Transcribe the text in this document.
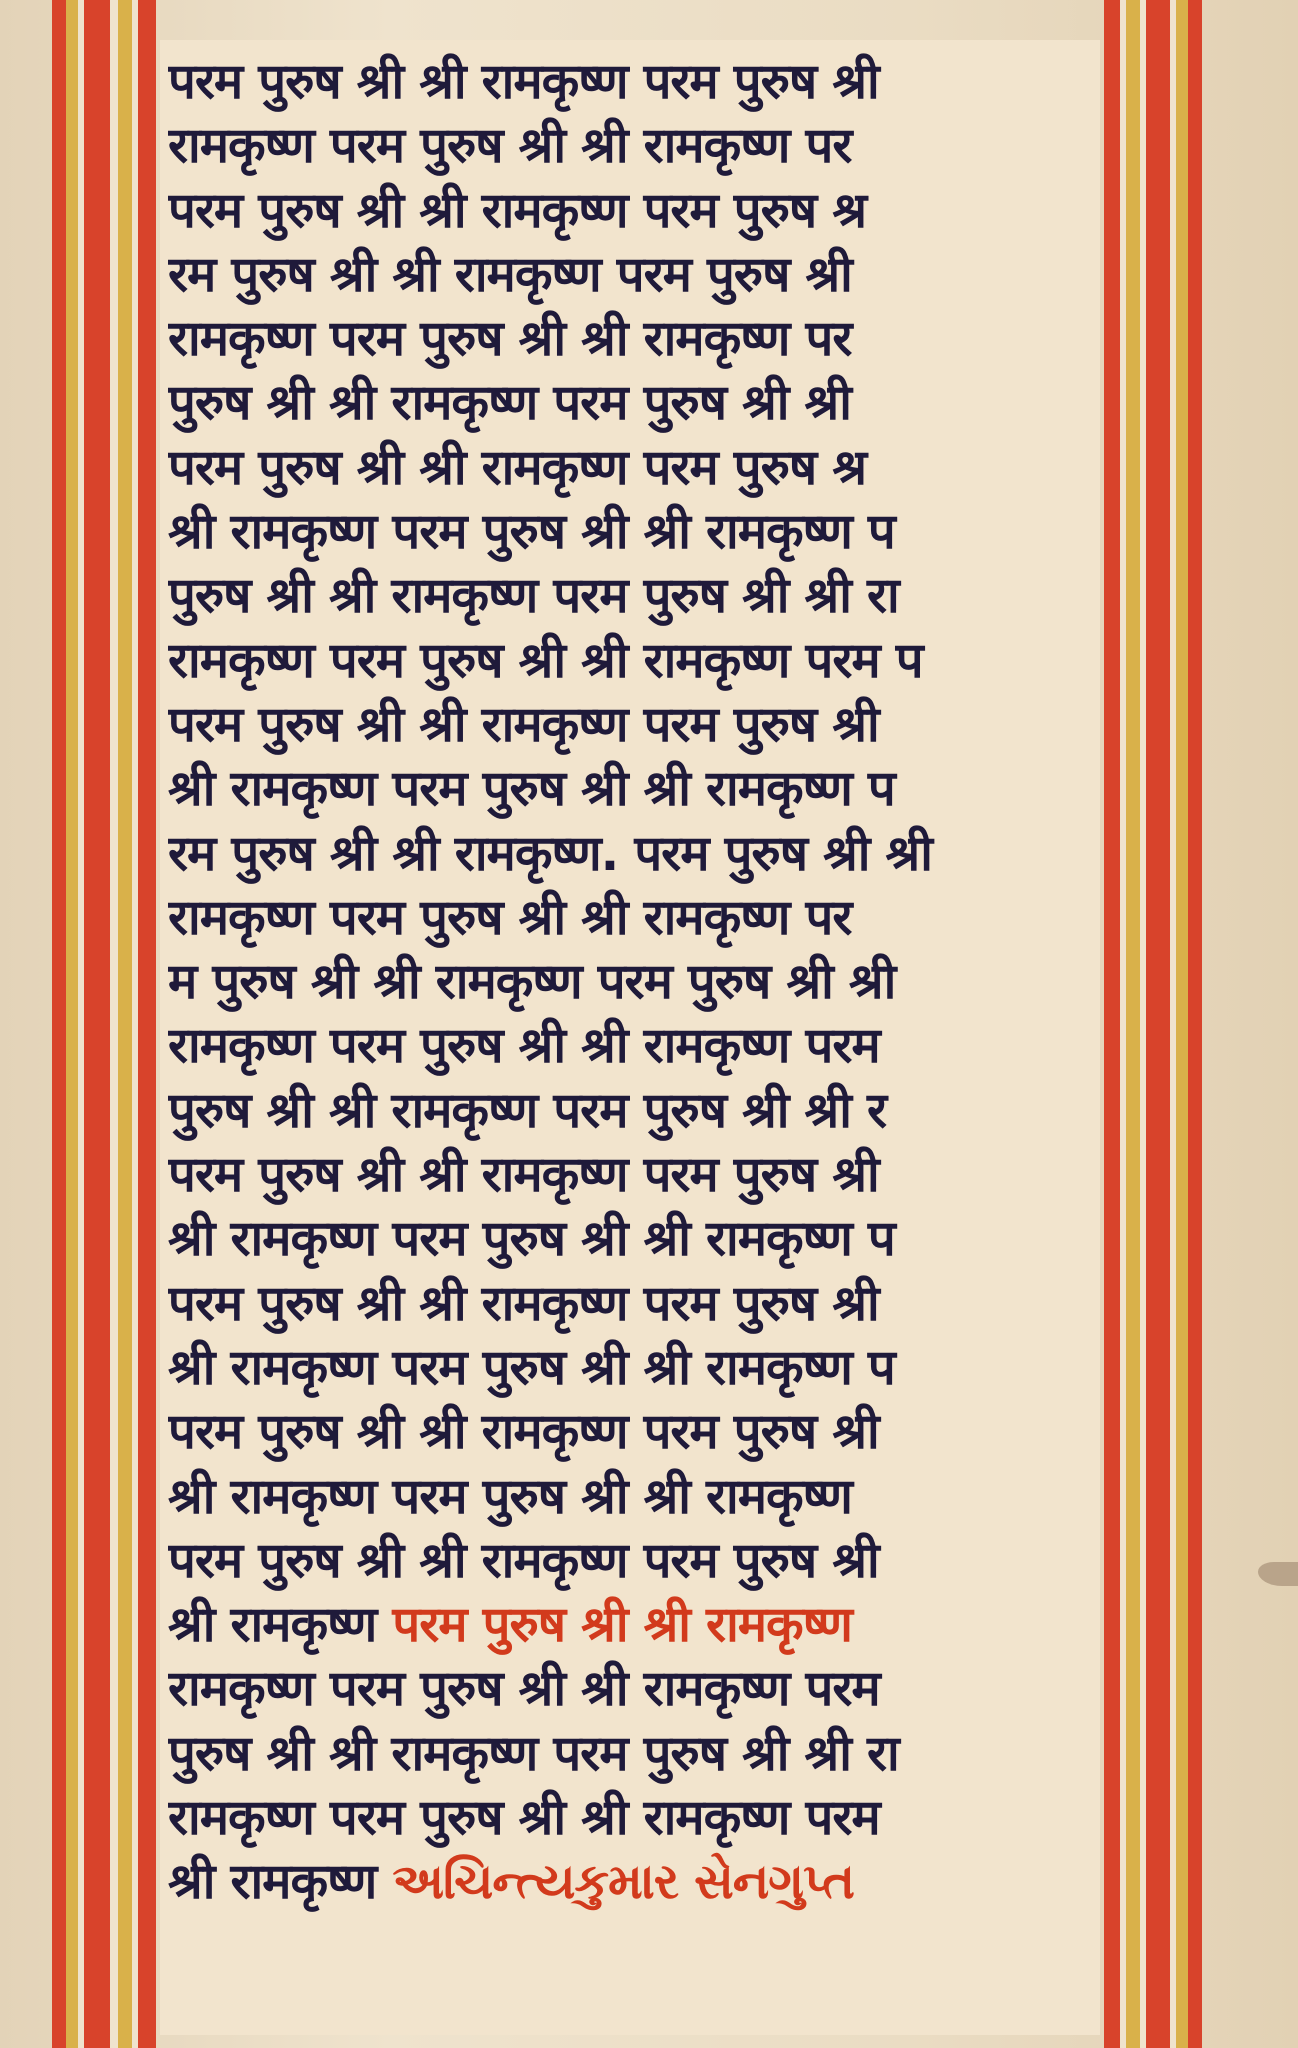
परम पुरुष श्री श्री रामकृष्ण परम पुरुष श्री
रामकृष्ण परम पुरुष श्री श्री रामकृष्ण पर
परम पुरुष श्री श्री रामकृष्ण परम पुरुष श्र
रम पुरुष श्री श्री रामकृष्ण परम पुरुष श्री
रामकृष्ण परम पुरुष श्री श्री रामकृष्ण पर
पुरुष श्री श्री रामकृष्ण परम पुरुष श्री श्री
परम पुरुष श्री श्री रामकृष्ण परम पुरुष श्र
श्री रामकृष्ण परम पुरुष श्री श्री रामकृष्ण प
पुरुष श्री श्री रामकृष्ण परम पुरुष श्री श्री रा
रामकृष्ण परम पुरुष श्री श्री रामकृष्ण परम प
परम पुरुष श्री श्री रामकृष्ण परम पुरुष श्री
श्री रामकृष्ण परम पुरुष श्री श्री रामकृष्ण प
रम पुरुष श्री श्री रामकृष्ण. परम पुरुष श्री श्री
रामकृष्ण परम पुरुष श्री श्री रामकृष्ण पर
म पुरुष श्री श्री रामकृष्ण परम पुरुष श्री श्री
रामकृष्ण परम पुरुष श्री श्री रामकृष्ण परम
पुरुष श्री श्री रामकृष्ण परम पुरुष श्री श्री र
परम पुरुष श्री श्री रामकृष्ण परम पुरुष श्री
श्री रामकृष्ण परम पुरुष श्री श्री रामकृष्ण प
परम पुरुष श्री श्री रामकृष्ण परम पुरुष श्री
श्री रामकृष्ण परम पुरुष श्री श्री रामकृष्ण प
परम पुरुष श्री श्री रामकृष्ण परम पुरुष श्री
श्री रामकृष्ण परम पुरुष श्री श्री रामकृष्ण
परम पुरुष श्री श्री रामकृष्ण परम पुरुष श्री
श्री रामकृष्ण परम पुरुष श्री श्री रामकृष्ण
रामकृष्ण परम पुरुष श्री श्री रामकृष्ण परम
पुरुष श्री श्री रामकृष्ण परम पुरुष श्री श्री रा
रामकृष्ण परम पुरुष श्री श्री रामकृष्ण परम
श्री रामकृष्ण અચિન્ત્યકુમાર સેનગુપ્ત
